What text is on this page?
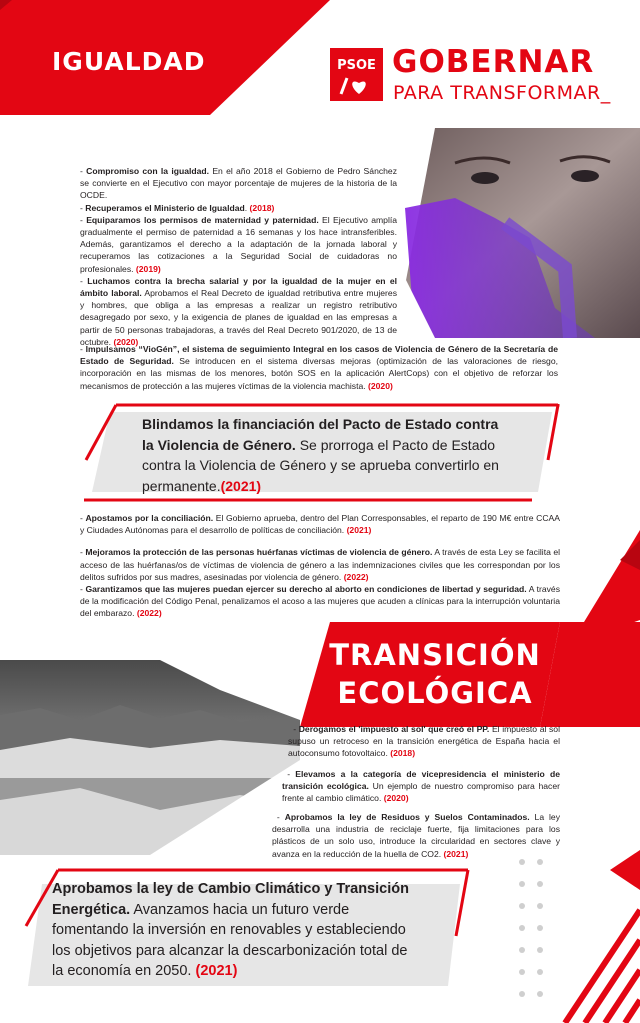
IGUALDAD	PSOE GOBERNAR
PARA TRANSFORMAR_

- Compromiso con la igualdad. En el año 2018 el Gobierno de Pedro Sánchez se convierte en el Ejecutivo con mayor porcentaje de mujeres de la historia de la OCDE.

- Recuperamos el Ministerio de Igualdad. (2018)

- Equiparamos los permisos de maternidad y paternidad. El Ejecutivo amplía gradualmente el permiso de paternidad a 16 semanas y los hace intransferibles. Además, garantizamos el derecho a la adaptación de la jornada laboral y recuperamos las cotizaciones a la Seguridad Social de cuidadoras no profesionales. (2019)

- Luchamos contra la brecha salarial y por la igualdad de la mujer en el ámbito laboral. Aprobamos el Real Decreto de igualdad retributiva entre mujeres y hombres, que obliga a las empresas a realizar un registro retributivo desagregado por sexo, y la exigencia de planes de igualdad en las empresas a partir de 50 personas trabajadoras, a través del Real Decreto 901/2020, de 13 de octubre. (2020)

- Impulsamos “VioGén”, el sistema de seguimiento Integral en los casos de Violencia de Género de la Secretaría de Estado de Seguridad. Se introducen en el sistema diversas mejoras (optimización de las valoraciones de riesgo, incorporación en las mismas de los menores, botón SOS en la aplicación AlertCops) con el objetivo de reforzar los mecanismos de protección a las mujeres víctimas de la violencia machista. (2020)

Blindamos la financiación del Pacto de Estado contra la Violencia de Género. Se prorroga el Pacto de Estado contra la Violencia de Género y se aprueba convertirlo en permanente.(2021)

- Apostamos por la conciliación. El Gobierno aprueba, dentro del Plan Corresponsables, el reparto de 190 M€ entre CCAA y Ciudades Autónomas para el desarrollo de políticas de conciliación. (2021)

- Mejoramos la protección de las personas huérfanas víctimas de violencia de género. A través de esta Ley se facilita el acceso de las huérfanas/os de víctimas de violencia de género a las indemnizaciones civiles que les correspondan por los delitos sufridos por sus madres, asesinadas por violencia de género. (2022)

- Garantizamos que las mujeres puedan ejercer su derecho al aborto en condiciones de libertad y seguridad. A través de la modificación del Código Penal, penalizamos el acoso a las mujeres que acuden a clínicas para la interrupción voluntaria del embarazo. (2022)

TRANSICIÓN
ECOLÓGICA

- Derogamos el 'impuesto al sol' que creó el PP. El impuesto al sol supuso un retroceso en la transición energética de España hacia el autoconsumo fotovoltaico. (2018)

- Elevamos a la categoría de vicepresidencia el ministerio de transición ecológica. Un ejemplo de nuestro compromiso para hacer frente al cambio climático. (2020)

- Aprobamos la ley de Residuos y Suelos Contaminados. La ley desarrolla una industria de reciclaje fuerte, fija limitaciones para los plásticos de un solo uso, introduce la circularidad en sectores clave y avanza en la reducción de la huella de CO2. (2021)

Aprobamos la ley de Cambio Climático y Transición Energética. Avanzamos hacia un futuro verde fomentando la inversión en renovables y estableciendo los objetivos para alcanzar la descarbonización total de la economía en 2050. (2021)
